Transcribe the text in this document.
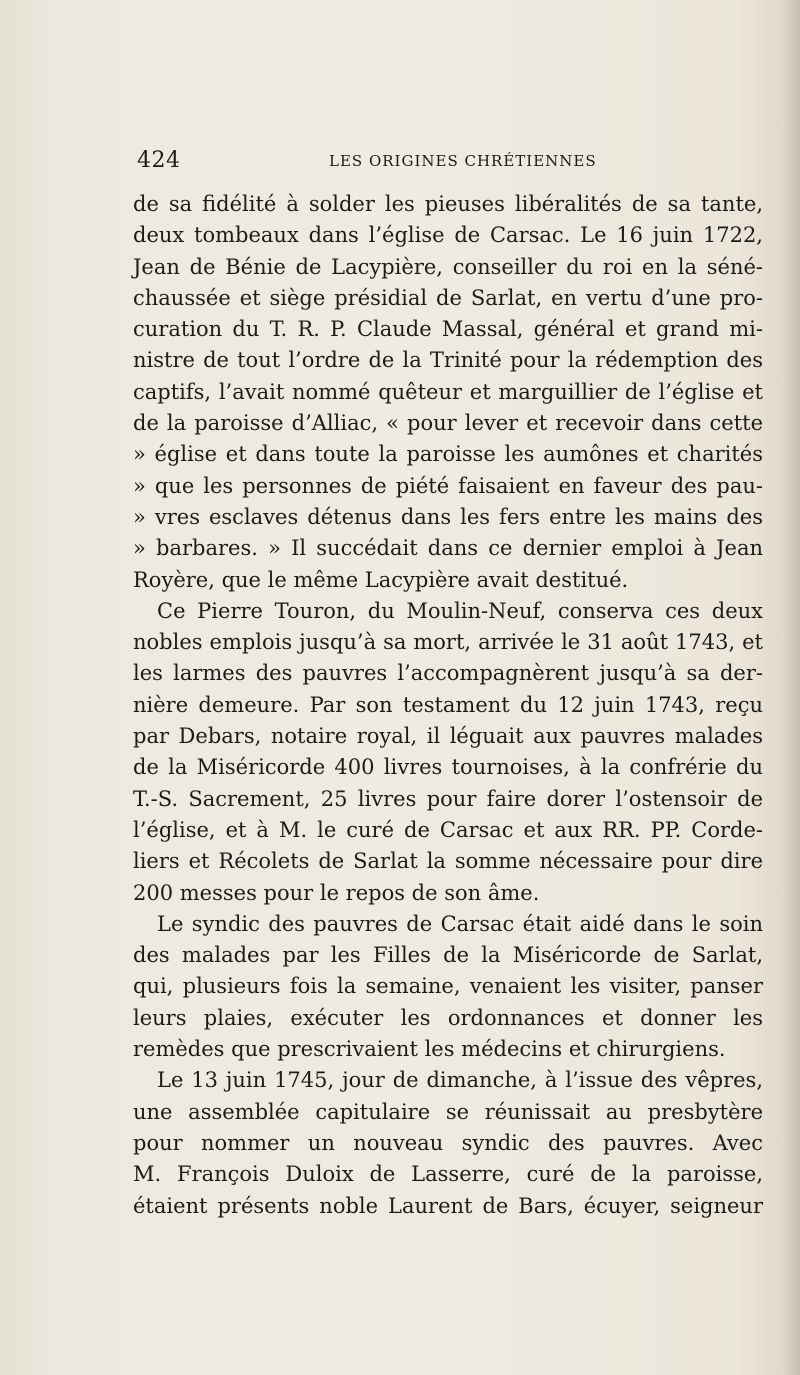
424	LES ORIGINES CHRÉTIENNES
de sa fidélité à solder les pieuses libéralités de sa tante,
deux tombeaux dans l’église de Carsac. Le 16 juin 1722,
Jean de Bénie de Lacypière, conseiller du roi en la séné-
chaussée et siège présidial de Sarlat, en vertu d’une pro-
curation du T. R. P. Claude Massal, général et grand mi-
nistre de tout l’ordre de la Trinité pour la rédemption des
captifs, l’avait nommé quêteur et marguillier de l’église et
de la paroisse d’Alliac, « pour lever et recevoir dans cette
» église et dans toute la paroisse les aumônes et charités
» que les personnes de piété faisaient en faveur des pau-
» vres esclaves détenus dans les fers entre les mains des
» barbares. » Il succédait dans ce dernier emploi à Jean
Royère, que le même Lacypière avait destitué.
Ce Pierre Touron, du Moulin-Neuf, conserva ces deux
nobles emplois jusqu’à sa mort, arrivée le 31 août 1743, et
les larmes des pauvres l’accompagnèrent jusqu’à sa der-
nière demeure. Par son testament du 12 juin 1743, reçu
par Debars, notaire royal, il léguait aux pauvres malades
de la Miséricorde 400 livres tournoises, à la confrérie du
T.-S. Sacrement, 25 livres pour faire dorer l’ostensoir de
l’église, et à M. le curé de Carsac et aux RR. PP. Corde-
liers et Récolets de Sarlat la somme nécessaire pour dire
200 messes pour le repos de son âme.
Le syndic des pauvres de Carsac était aidé dans le soin
des malades par les Filles de la Miséricorde de Sarlat,
qui, plusieurs fois la semaine, venaient les visiter, panser
leurs plaies, exécuter les ordonnances et donner les
remèdes que prescrivaient les médecins et chirurgiens.
Le 13 juin 1745, jour de dimanche, à l’issue des vêpres,
une assemblée capitulaire se réunissait au presbytère
pour nommer un nouveau syndic des pauvres. Avec
M. François Duloix de Lasserre, curé de la paroisse,
étaient présents noble Laurent de Bars, écuyer, seigneur
